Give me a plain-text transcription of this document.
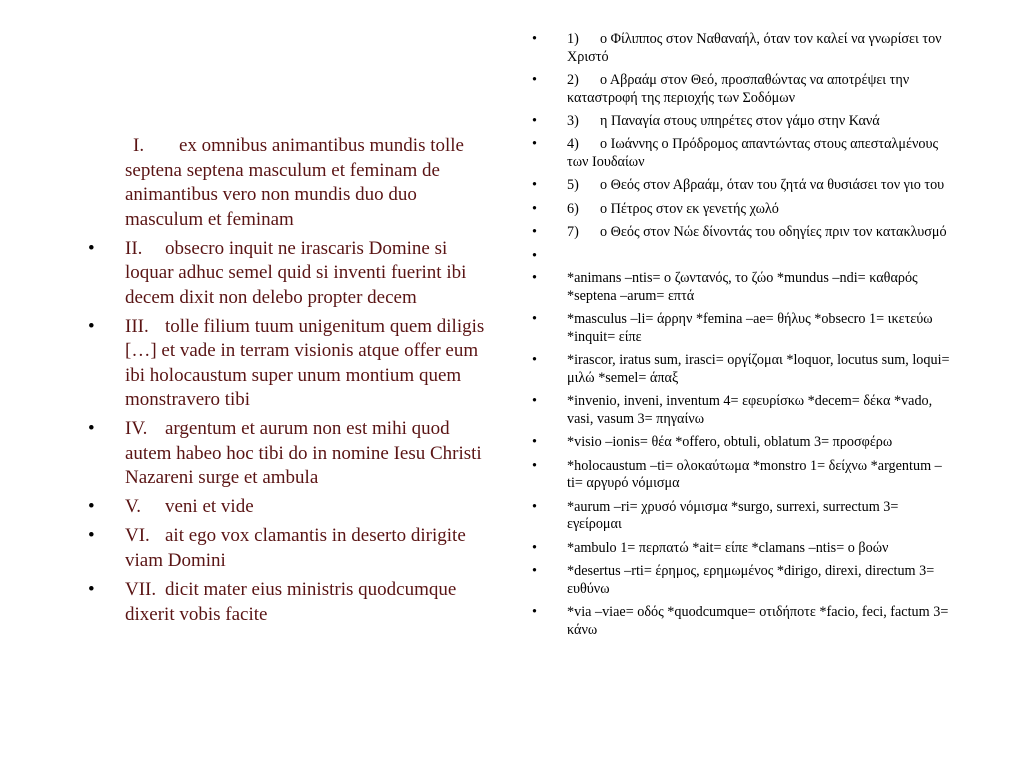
I. ex omnibus animantibus mundis tolle septena septena masculum et feminam de animantibus vero non mundis duo duo masculum et feminam
•	II. obsecro inquit ne irascaris Domine si loquar adhuc semel quid si inventi fuerint ibi decem dixit non delebo propter decem
•	III. tolle filium tuum unigenitum quem diligis […] et vade in terram visionis atque offer eum ibi holocaustum super unum montium quem monstravero tibi
•	IV. argentum et aurum non est mihi quod autem habeo hoc tibi do in nomine Iesu Christi Nazareni surge et ambula
•	V. veni et vide
•	VI. ait ego vox clamantis in deserto dirigite viam Domini
•	VII. dicit mater eius ministris quodcumque dixerit vobis facite
•	1) ο Φίλιππος στον Ναθαναήλ, όταν τον καλεί να γνωρίσει τον Χριστό
•	2) ο Αβραάμ στον Θεό, προσπαθώντας να αποτρέψει την καταστροφή της περιοχής των Σοδόμων
•	3) η Παναγία στους υπηρέτες στον γάμο στην Κανά
•	4) ο Ιωάννης ο Πρόδρομος απαντώντας στους απεσταλμένους των Ιουδαίων
•	5) ο Θεός στον Αβραάμ, όταν του ζητά να θυσιάσει τον γιο του
•	6) ο Πέτρος στον εκ γενετής χωλό
•	7) ο Θεός στον Νώε δίνοντάς του οδηγίες πριν τον κατακλυσμό
•
•	*animans –ntis= ο ζωντανός, το ζώο *mundus –ndi= καθαρός *septena –arum= επτά
•	*masculus –li= άρρην *femina –ae= θήλυς *obsecro 1= ικετεύω *inquit= είπε
•	*irascor, iratus sum, irasci= οργίζομαι *loquor, locutus sum, loqui= μιλώ *semel= άπαξ
•	*invenio, inveni, inventum 4= εφευρίσκω *decem= δέκα *vado, vasi, vasum 3= πηγαίνω
•	*visio –ionis= θέα *offero, obtuli, oblatum 3= προσφέρω
•	*holocaustum –ti= ολοκαύτωμα *monstro 1= δείχνω *argentum –ti= αργυρό νόμισμα
•	*aurum –ri= χρυσό νόμισμα *surgo, surrexi, surrectum 3= εγείρομαι
•	*ambulo 1= περπατώ *ait= είπε *clamans –ntis= ο βοών
•	*desertus –rti= έρημος, ερημωμένος *dirigo, direxi, directum 3= ευθύνω
•	*via –viae= οδός *quodcumque= οτιδήποτε *facio, feci, factum 3= κάνω
